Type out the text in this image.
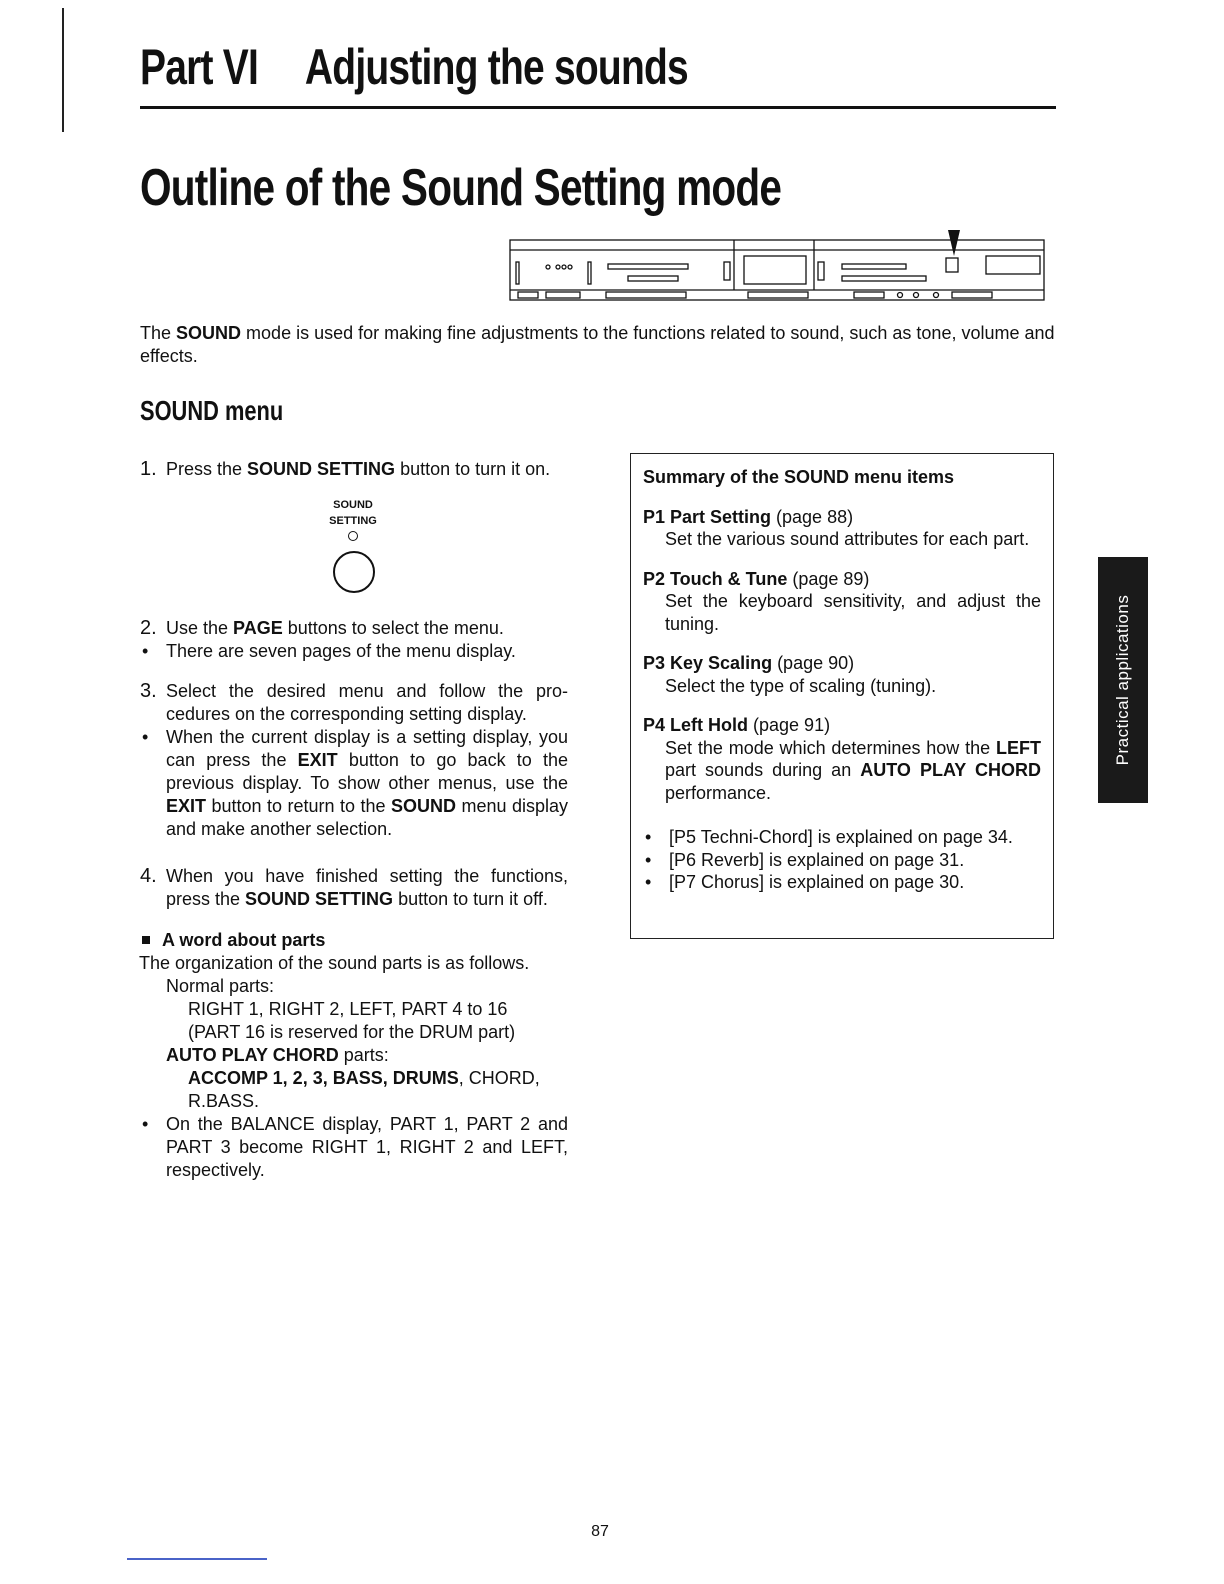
Part VI Adjusting the sounds
Outline of the Sound Setting mode
The SOUND mode is used for making fine adjustments to the functions related to sound, such as tone, volume and effects.
SOUND menu
1. Press the SOUND SETTING button to turn it on.
SOUND
SETTING
2. Use the PAGE buttons to select the menu.
• There are seven pages of the menu display.
3. Select the desired menu and follow the pro-cedures on the corresponding setting display.
• When the current display is a setting display, you can press the EXIT button to go back to the previous display. To show other menus, use the EXIT button to return to the SOUND menu display and make another selection.
4. When you have finished setting the functions, press the SOUND SETTING button to turn it off.
A word about parts
The organization of the sound parts is as follows.
Normal parts:
RIGHT 1, RIGHT 2, LEFT, PART 4 to 16
(PART 16 is reserved for the DRUM part)
AUTO PLAY CHORD parts:
ACCOMP 1, 2, 3, BASS, DRUMS, CHORD,
R.BASS.
• On the BALANCE display, PART 1, PART 2 and PART 3 become RIGHT 1, RIGHT 2 and LEFT, respectively.
Summary of the SOUND menu items
P1 Part Setting (page 88)
Set the various sound attributes for each part.
P2 Touch & Tune (page 89)
Set the keyboard sensitivity, and adjust the tuning.
P3 Key Scaling (page 90)
Select the type of scaling (tuning).
P4 Left Hold (page 91)
Set the mode which determines how the LEFT part sounds during an AUTO PLAY CHORD performance.
• [P5 Techni-Chord] is explained on page 34.
• [P6 Reverb] is explained on page 31.
• [P7 Chorus] is explained on page 30.
Practical applications
87
